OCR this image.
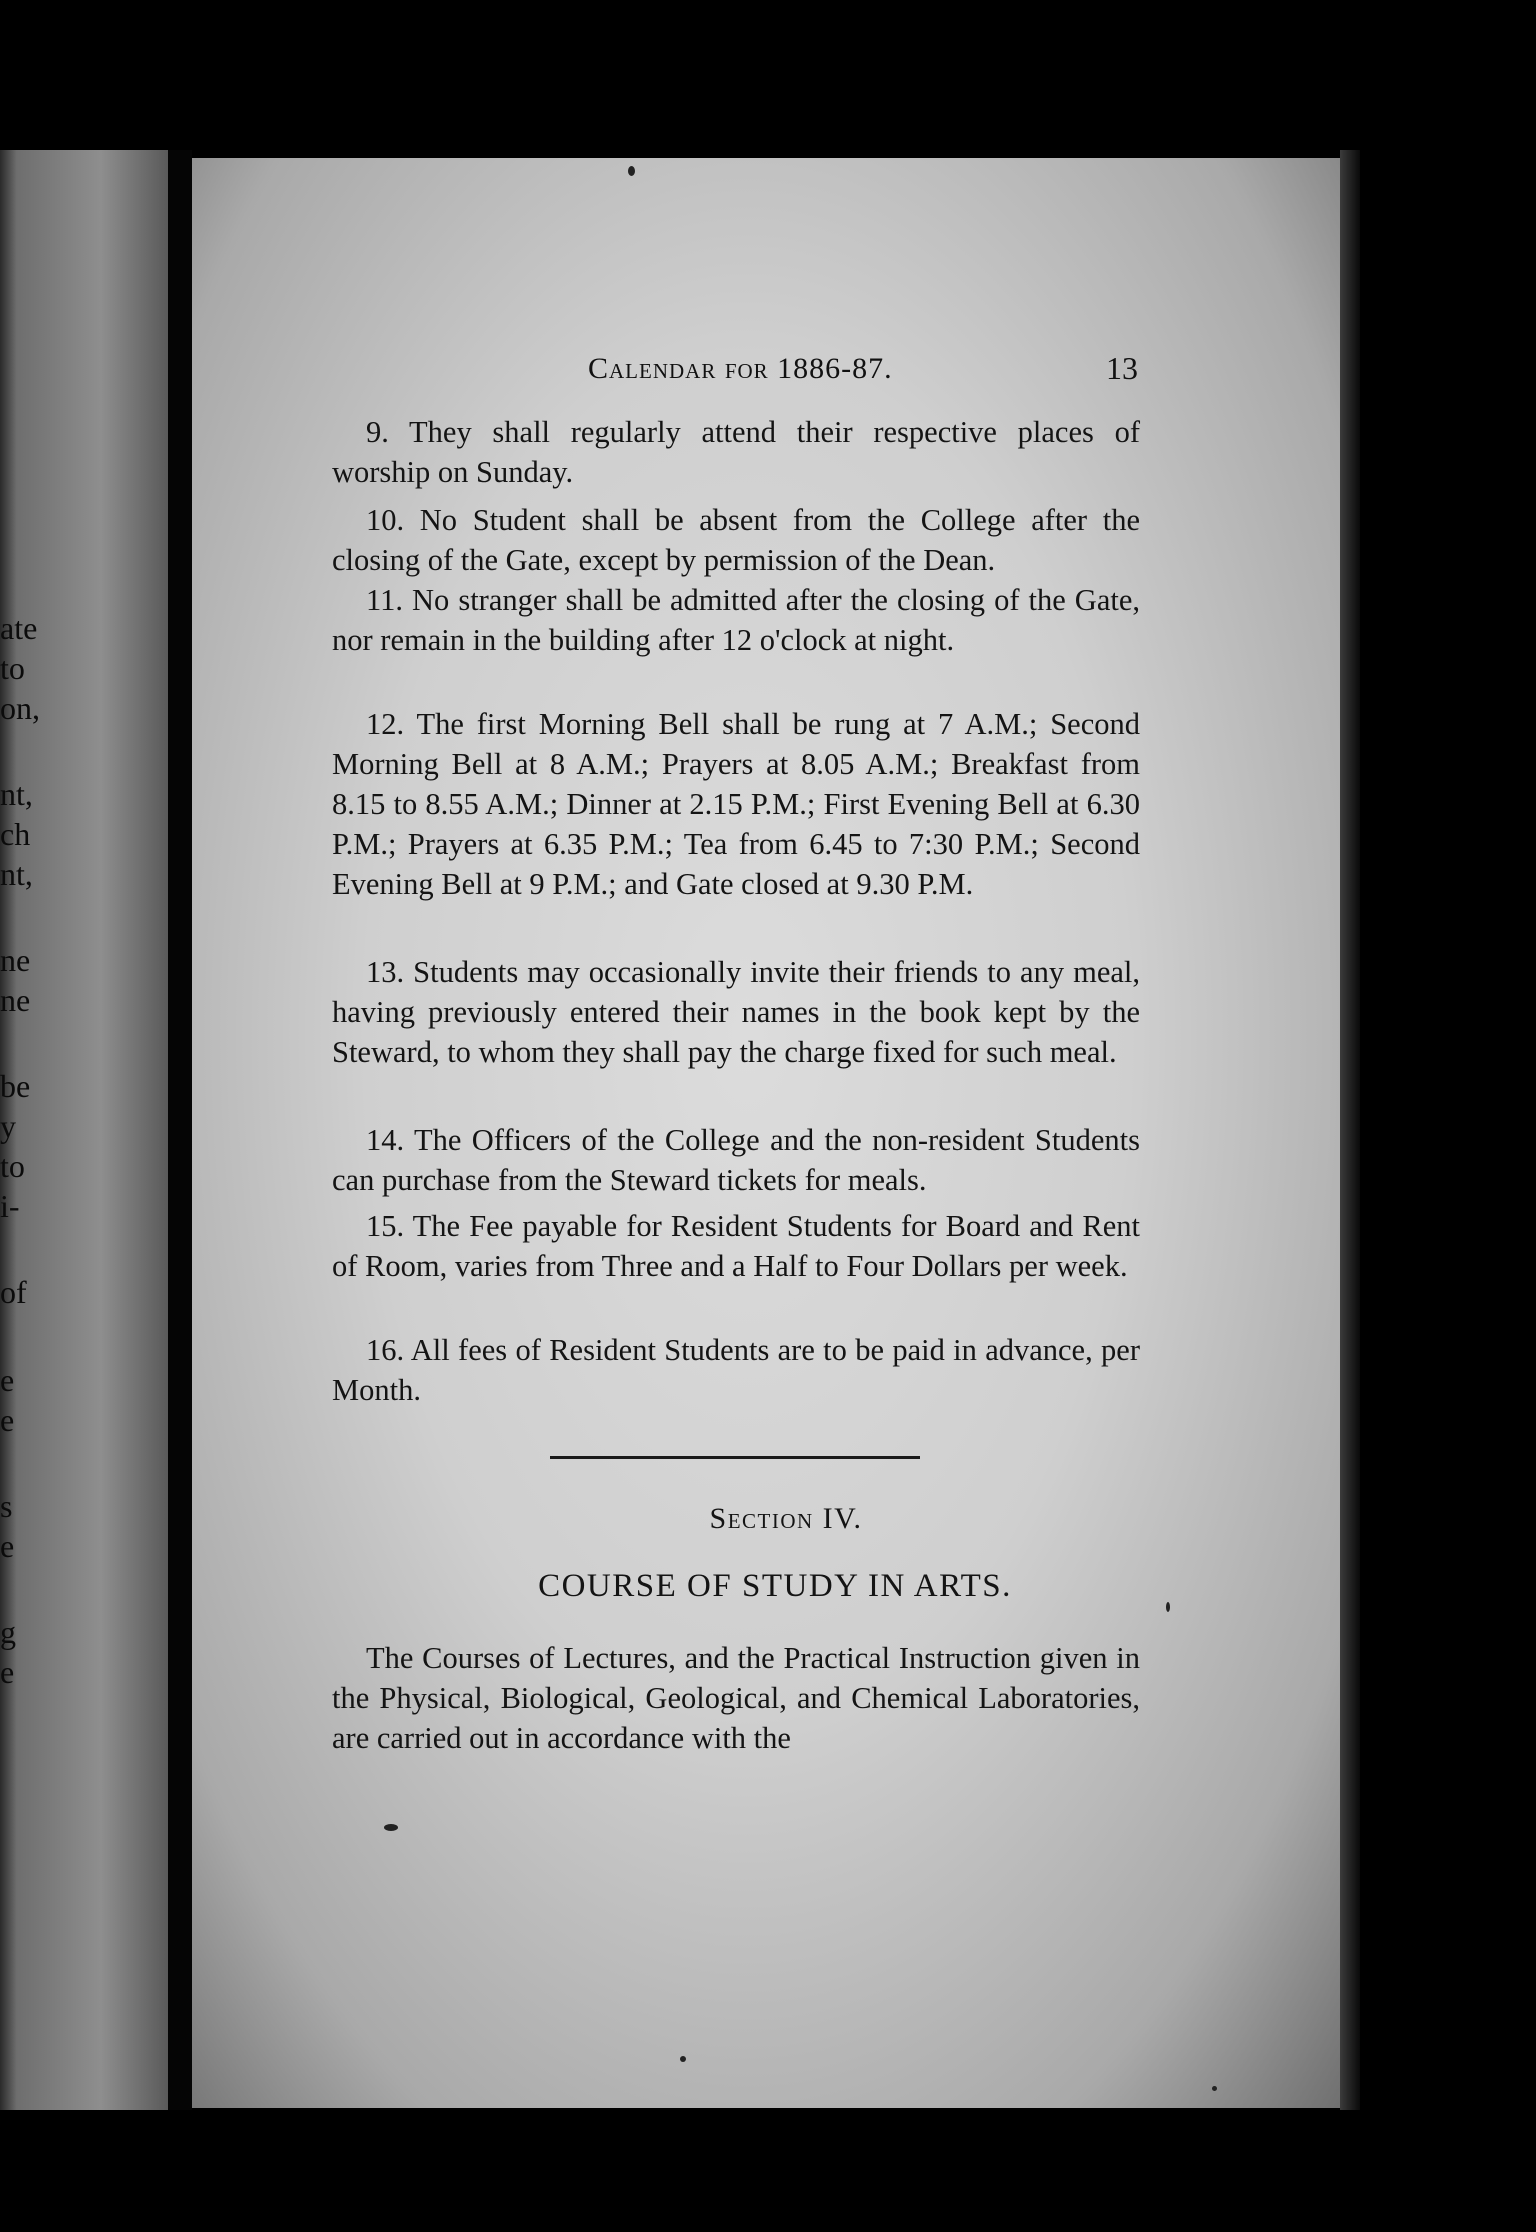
ate
to
on,
nt,
ch
nt,
ne
ne
be
y
to
i-
of
e
e
s
e
g
e
Calendar for 1886-87.	13
9. They shall regularly attend their respective places of worship on Sunday.
10. No Student shall be absent from the College after the closing of the Gate, except by permission of the Dean.
11. No stranger shall be admitted after the closing of the Gate, nor remain in the building after 12 o'clock at night.
12. The first Morning Bell shall be rung at 7 A.M.; Second Morning Bell at 8 A.M.; Prayers at 8.05 A.M.; Breakfast from 8.15 to 8.55 A.M.; Dinner at 2.15 P.M.; First Evening Bell at 6.30 P.M.; Prayers at 6.35 P.M.; Tea from 6.45 to 7:30 P.M.; Second Evening Bell at 9 P.M.; and Gate closed at 9.30 P.M.
13. Students may occasionally invite their friends to any meal, having previously entered their names in the book kept by the Steward, to whom they shall pay the charge fixed for such meal.
14. The Officers of the College and the non-resident Students can purchase from the Steward tickets for meals.
15. The Fee payable for Resident Students for Board and Rent of Room, varies from Three and a Half to Four Dollars per week.
16. All fees of Resident Students are to be paid in advance, per Month.
Section IV.
COURSE OF STUDY IN ARTS.
The Courses of Lectures, and the Practical Instruction given in the Physical, Biological, Geological, and Chemical Laboratories, are carried out in accordance with the
